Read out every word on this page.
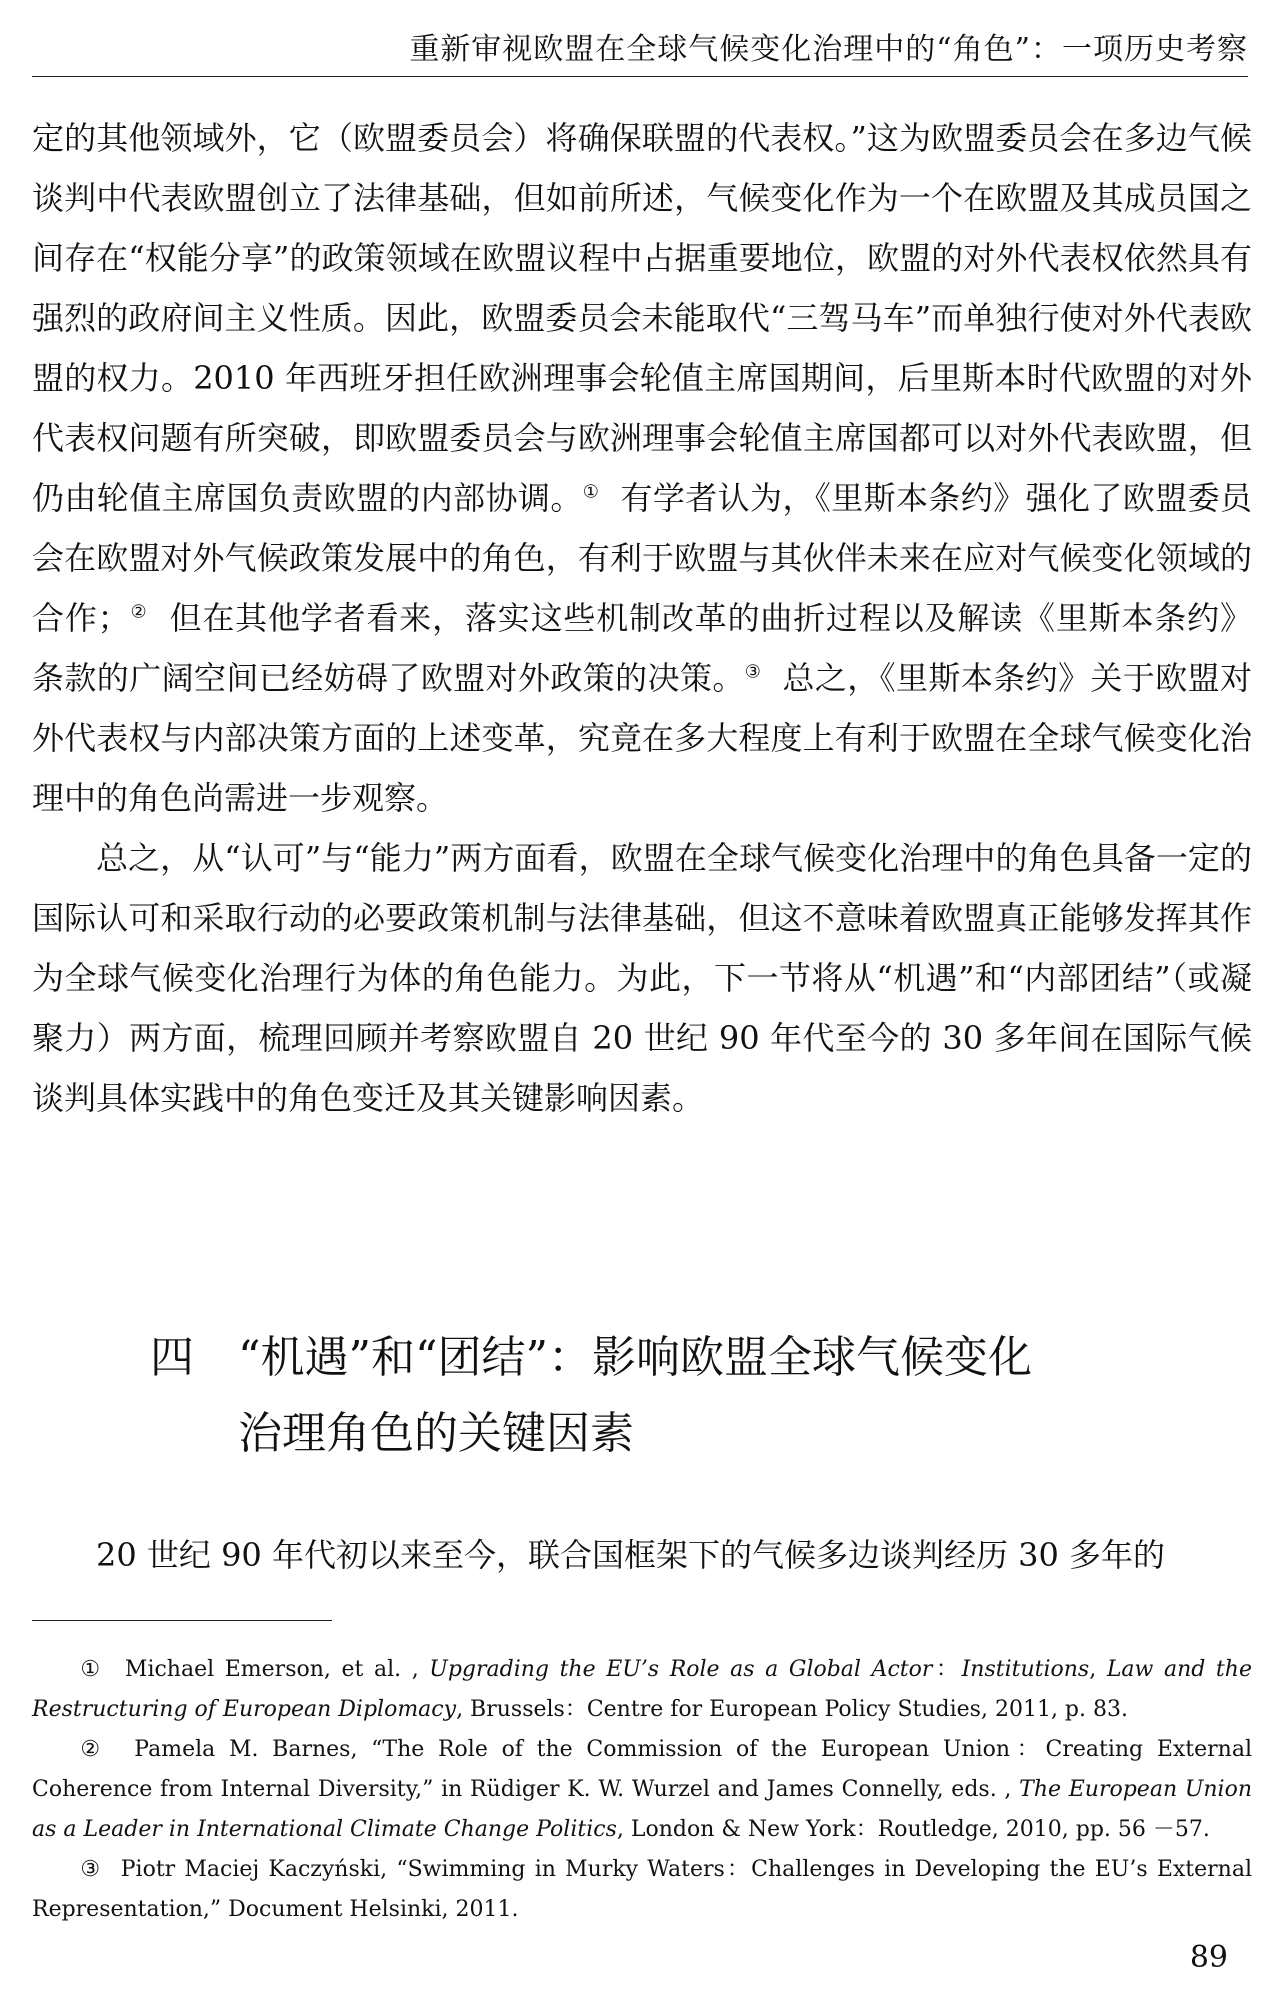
重新审视欧盟在全球气候变化治理中的“角色”：一项历史考察

定的其他领域外，它（欧盟委员会）将确保联盟的代表权。”这为欧盟委员会在多边气候谈判中代表欧盟创立了法律基础，但如前所述，气候变化作为一个在欧盟及其成员国之间存在“权能分享”的政策领域在欧盟议程中占据重要地位，欧盟的对外代表权依然具有强烈的政府间主义性质。因此，欧盟委员会未能取代“三驾马车”而单独行使对外代表欧盟的权力。2010 年西班牙担任欧洲理事会轮值主席国期间，后里斯本时代欧盟的对外代表权问题有所突破，即欧盟委员会与欧洲理事会轮值主席国都可以对外代表欧盟，但仍由轮值主席国负责欧盟的内部协调。① 有学者认为，《里斯本条约》强化了欧盟委员会在欧盟对外气候政策发展中的角色，有利于欧盟与其伙伴未来在应对气候变化领域的合作；② 但在其他学者看来，落实这些机制改革的曲折过程以及解读《里斯本条约》条款的广阔空间已经妨碍了欧盟对外政策的决策。③ 总之，《里斯本条约》关于欧盟对外代表权与内部决策方面的上述变革，究竟在多大程度上有利于欧盟在全球气候变化治理中的角色尚需进一步观察。

总之，从“认可”与“能力”两方面看，欧盟在全球气候变化治理中的角色具备一定的国际认可和采取行动的必要政策机制与法律基础，但这不意味着欧盟真正能够发挥其作为全球气候变化治理行为体的角色能力。为此，下一节将从“机遇”和“内部团结”（或凝聚力）两方面，梳理回顾并考察欧盟自 20 世纪 90 年代至今的 30 多年间在国际气候谈判具体实践中的角色变迁及其关键影响因素。

四 “机遇”和“团结”：影响欧盟全球气候变化
治理角色的关键因素

20 世纪 90 年代初以来至今，联合国框架下的气候多边谈判经历 30 多年的

① Michael Emerson, et al. , Upgrading the EU’s Role as a Global Actor：Institutions, Law and the Restructuring of European Diplomacy, Brussels：Centre for European Policy Studies, 2011, p. 83.

② Pamela M. Barnes, “The Role of the Commission of the European Union：Creating External Coherence from Internal Diversity,” in Rüdiger K. W. Wurzel and James Connelly, eds. , The European Union as a Leader in International Climate Change Politics, London & New York：Routledge, 2010, pp. 56 －57.

③ Piotr Maciej Kaczyński, “Swimming in Murky Waters：Challenges in Developing the EU’s External Representation,” Document Helsinki, 2011.

89
